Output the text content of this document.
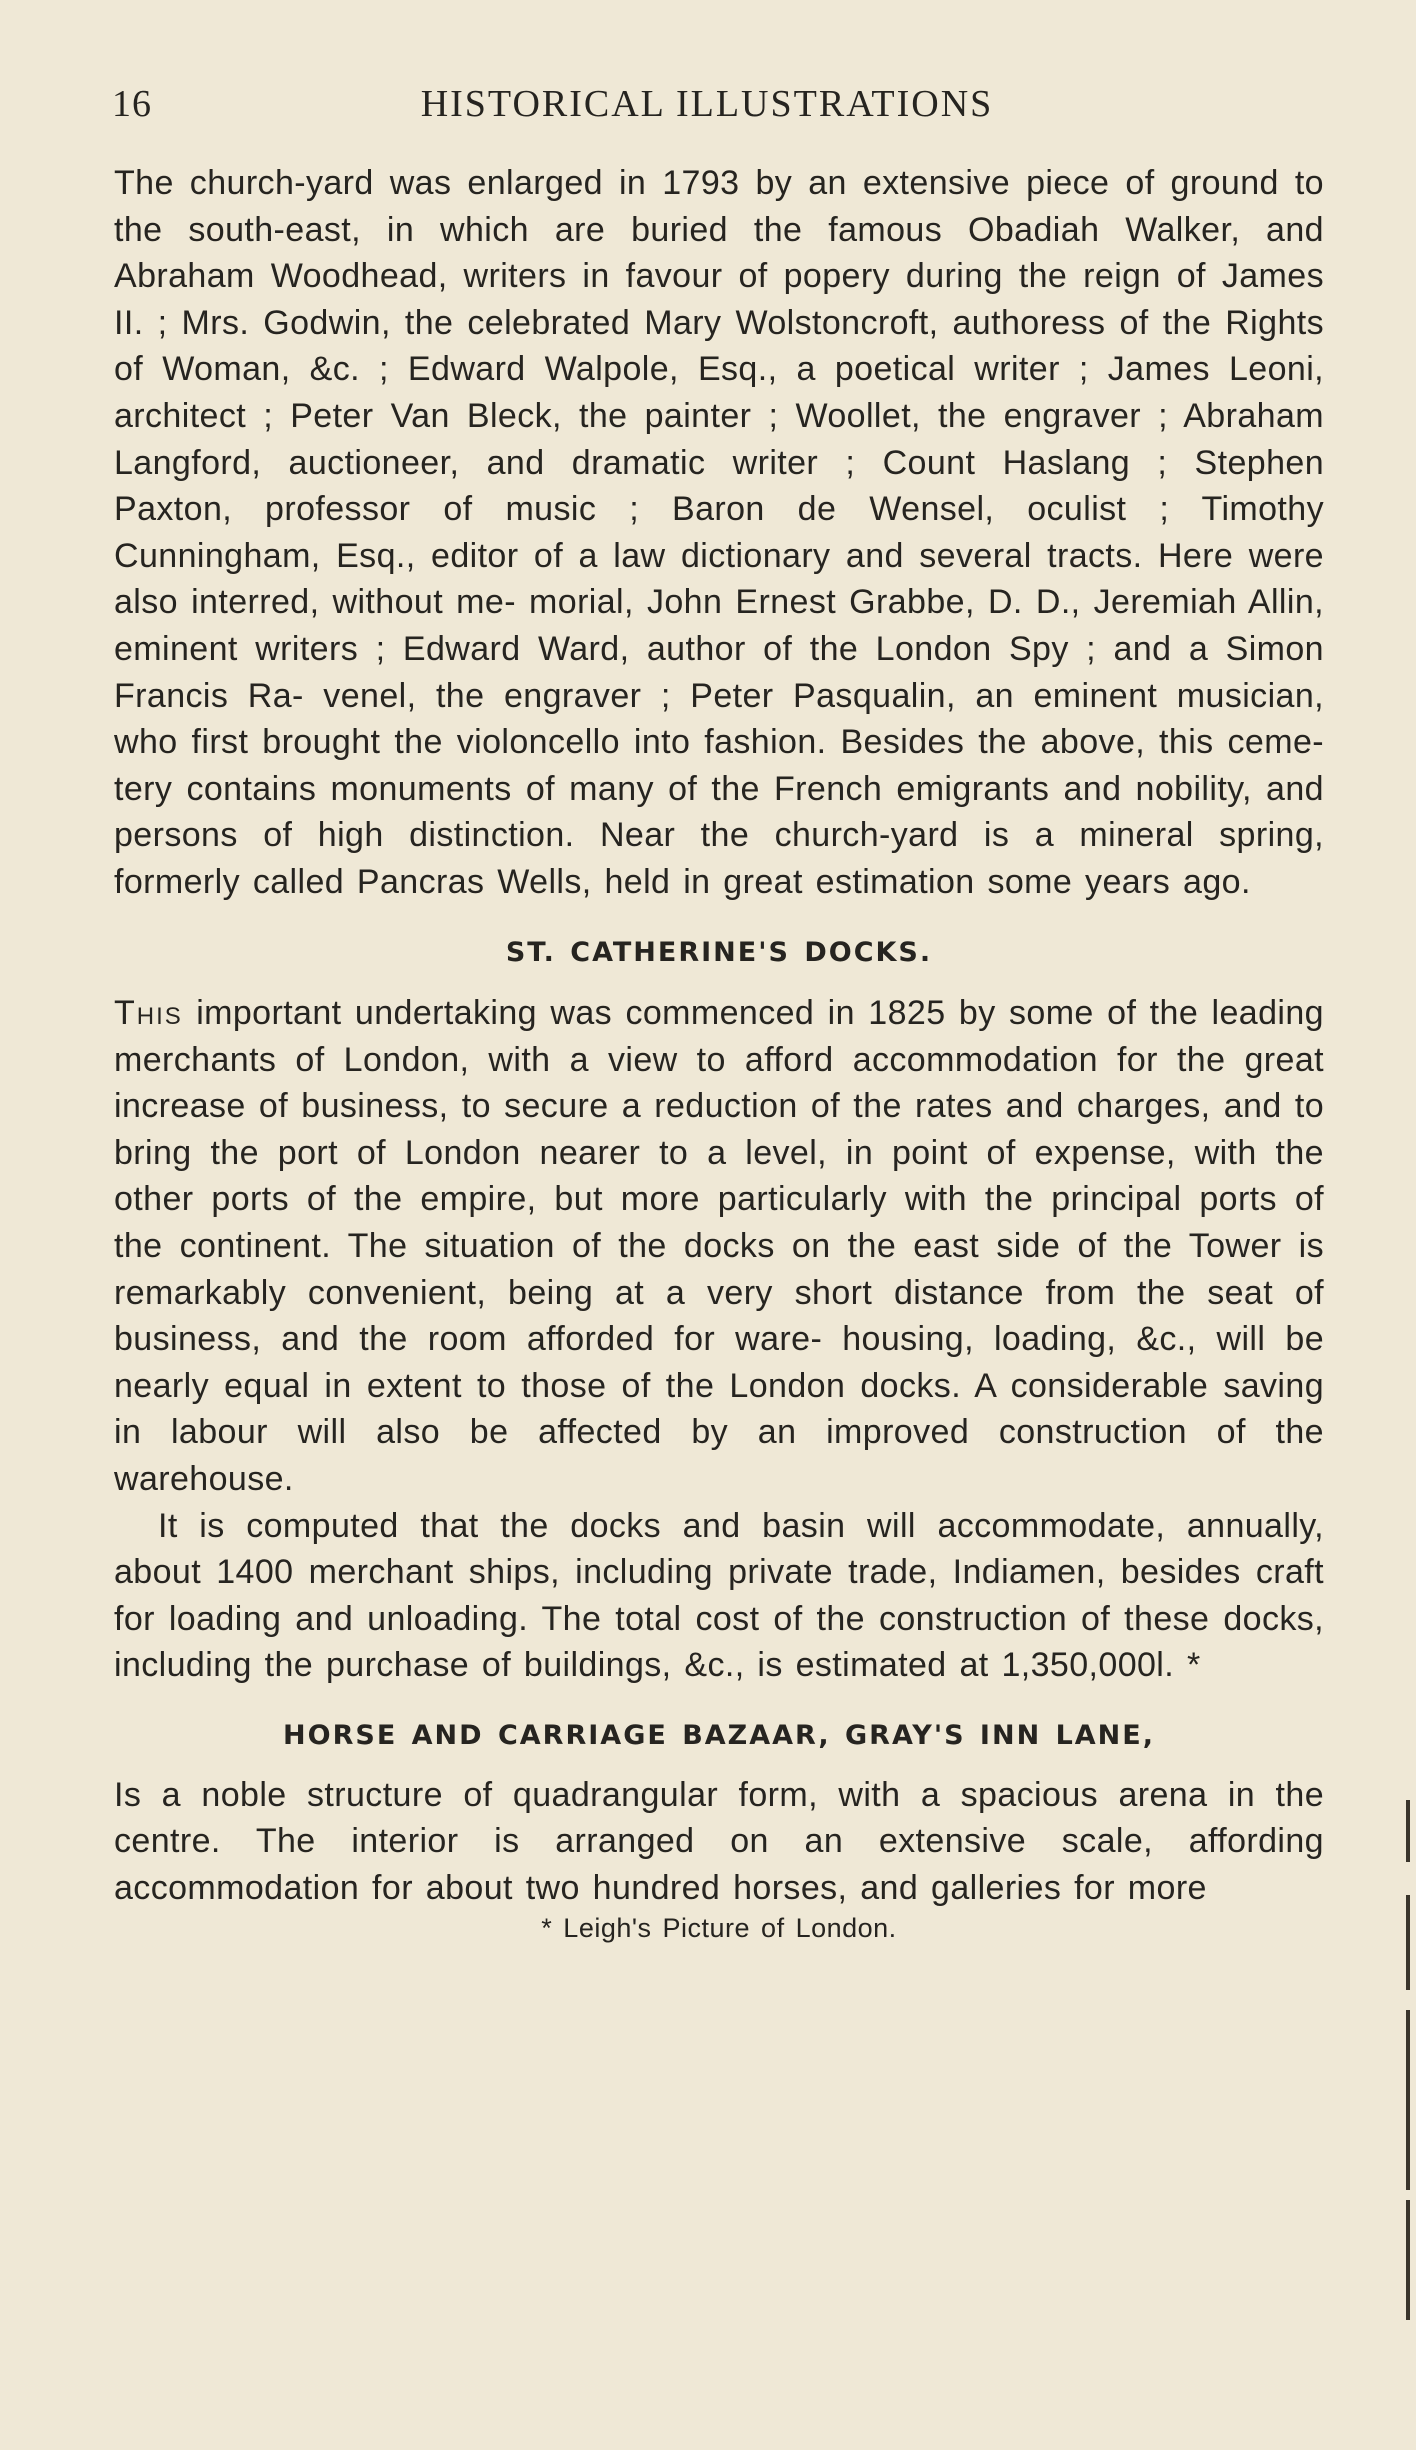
16	HISTORICAL ILLUSTRATIONS

The church-yard was enlarged in 1793 by an extensive piece of ground to the south-east, in which are buried the famous Obadiah Walker, and Abraham Woodhead, writers in favour of popery during the reign of James II. ; Mrs. Godwin, the celebrated Mary Wolstoncroft, authoress of the Rights of Woman, &c. ; Edward Walpole, Esq., a poetical writer ; James Leoni, architect ; Peter Van Bleck, the painter ; Woollet, the engraver ; Abraham Langford, auctioneer, and dramatic writer ; Count Haslang ; Stephen Paxton, professor of music ; Baron de Wensel, oculist ; Timothy Cunningham, Esq., editor of a law dictionary and several tracts. Here were also interred, without me- morial, John Ernest Grabbe, D. D., Jeremiah Allin, eminent writers ; Edward Ward, author of the London Spy ; and a Simon Francis Ra- venel, the engraver ; Peter Pasqualin, an eminent musician, who first brought the violoncello into fashion. Besides the above, this ceme- tery contains monuments of many of the French emigrants and nobility, and persons of high distinction. Near the church-yard is a mineral spring, formerly called Pancras Wells, held in great estimation some years ago.

ST. CATHERINE'S DOCKS.

This important undertaking was commenced in 1825 by some of the leading merchants of London, with a view to afford accommodation for the great increase of business, to secure a reduction of the rates and charges, and to bring the port of London nearer to a level, in point of expense, with the other ports of the empire, but more particularly with the principal ports of the continent. The situation of the docks on the east side of the Tower is remarkably convenient, being at a very short distance from the seat of business, and the room afforded for ware- housing, loading, &c., will be nearly equal in extent to those of the London docks. A considerable saving in labour will also be affected by an improved construction of the warehouse.

It is computed that the docks and basin will accommodate, annually, about 1400 merchant ships, including private trade, Indiamen, besides craft for loading and unloading. The total cost of the construction of these docks, including the purchase of buildings, &c., is estimated at 1,350,000l. *

HORSE AND CARRIAGE BAZAAR, GRAY'S INN LANE,

Is a noble structure of quadrangular form, with a spacious arena in the centre. The interior is arranged on an extensive scale, affording accommodation for about two hundred horses, and galleries for more

* Leigh's Picture of London.
